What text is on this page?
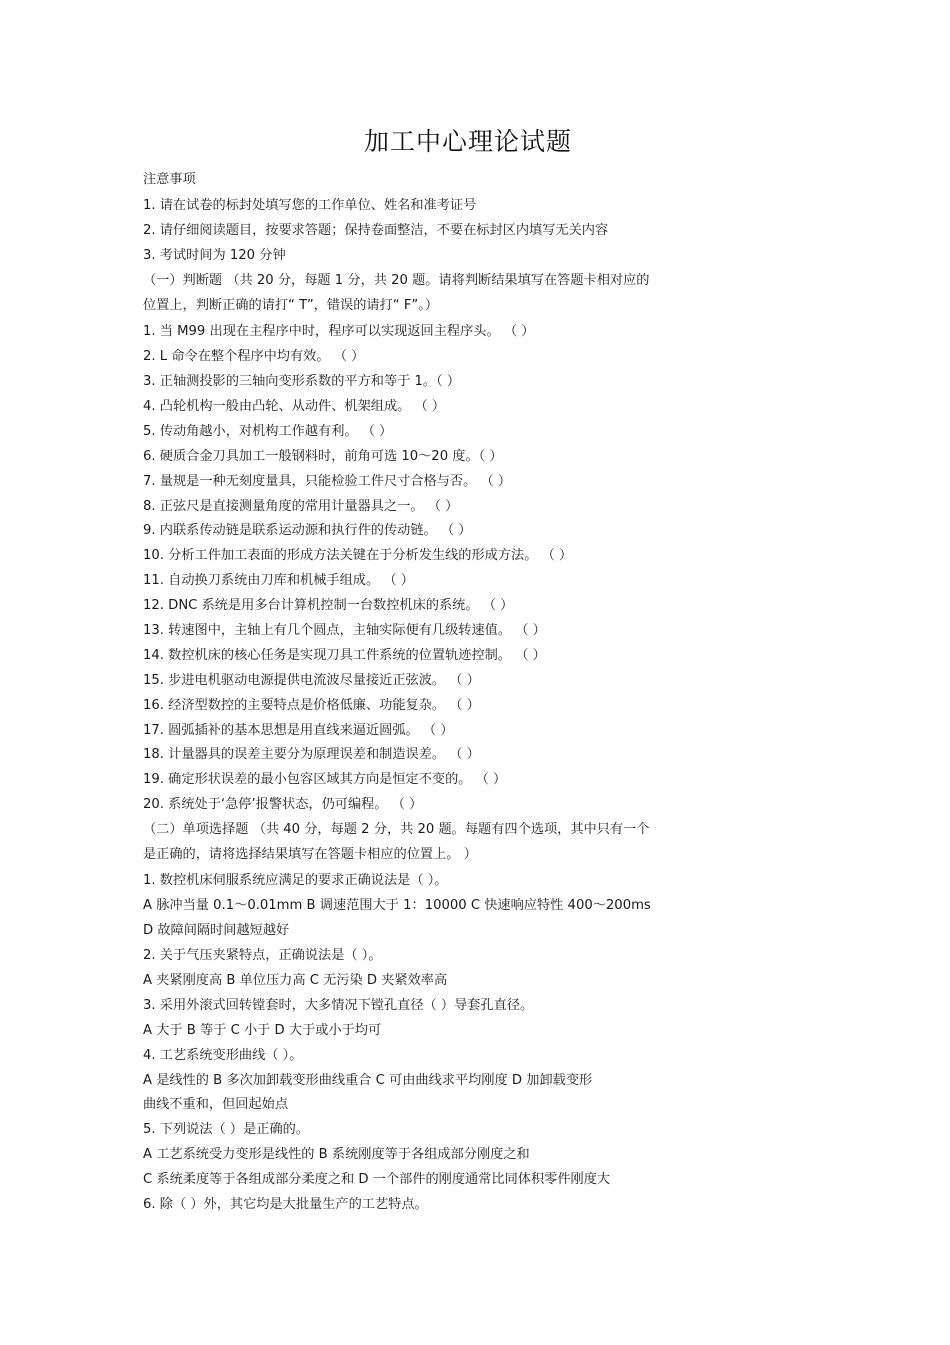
加工中心理论试题
注意事项
1. 请在试卷的标封处填写您的工作单位、姓名和准考证号
2. 请仔细阅读题目，按要求答题；保持卷面整洁，不要在标封区内填写无关内容
3. 考试时间为 120 分钟
（一）判断题 （共 20 分，每题 1 分，共 20 题。请将判断结果填写在答题卡相对应的
位置上，判断正确的请打“ T”，错误的请打“ F”。）
1. 当 M99 出现在主程序中时，程序可以实现返回主程序头。 （ ）
2. L 命令在整个程序中均有效。 （ ）
3. 正轴测投影的三轴向变形系数的平方和等于 1。（ ）
4. 凸轮机构一般由凸轮、从动件、机架组成。 （ ）
5. 传动角越小，对机构工作越有利。 （ ）
6. 硬质合金刀具加工一般钢料时，前角可选 10～20 度。（ ）
7. 量规是一种无刻度量具，只能检验工件尺寸合格与否。 （ ）
8. 正弦尺是直接测量角度的常用计量器具之一。 （ ）
9. 内联系传动链是联系运动源和执行件的传动链。 （ ）
10. 分析工件加工表面的形成方法关键在于分析发生线的形成方法。 （ ）
11. 自动换刀系统由刀库和机械手组成。 （ ）
12. DNC 系统是用多台计算机控制一台数控机床的系统。 （ ）
13. 转速图中，主轴上有几个圆点，主轴实际便有几级转速值。 （ ）
14. 数控机床的核心任务是实现刀具工件系统的位置轨迹控制。 （ ）
15. 步进电机驱动电源提供电流波尽量接近正弦波。 （ ）
16. 经济型数控的主要特点是价格低廉、功能复杂。 （ ）
17. 圆弧插补的基本思想是用直线来逼近圆弧。 （ ）
18. 计量器具的误差主要分为原理误差和制造误差。 （ ）
19. 确定形状误差的最小包容区域其方向是恒定不变的。 （ ）
20. 系统处于‘急停’报警状态，仍可编程。 （ ）
（二）单项选择题 （共 40 分，每题 2 分，共 20 题。每题有四个选项，其中只有一个
是正确的，请将选择结果填写在答题卡相应的位置上。 ）
1. 数控机床伺服系统应满足的要求正确说法是（ ）。
A 脉冲当量 0.1～0.01mm B 调速范围大于 1：10000 C 快速响应特性 400～200ms
D 故障间隔时间越短越好
2. 关于气压夹紧特点，正确说法是（ ）。
A 夹紧刚度高 B 单位压力高 C 无污染 D 夹紧效率高
3. 采用外滚式回转镗套时，大多情况下镗孔直径（ ）导套孔直径。
A 大于 B 等于 C 小于 D 大于或小于均可
4. 工艺系统变形曲线（ ）。
A 是线性的 B 多次加卸载变形曲线重合 C 可由曲线求平均刚度 D 加卸载变形
曲线不重和，但回起始点
5. 下列说法（ ）是正确的。
A 工艺系统受力变形是线性的 B 系统刚度等于各组成部分刚度之和
C 系统柔度等于各组成部分柔度之和 D 一个部件的刚度通常比同体积零件刚度大
6. 除（ ）外，其它均是大批量生产的工艺特点。
